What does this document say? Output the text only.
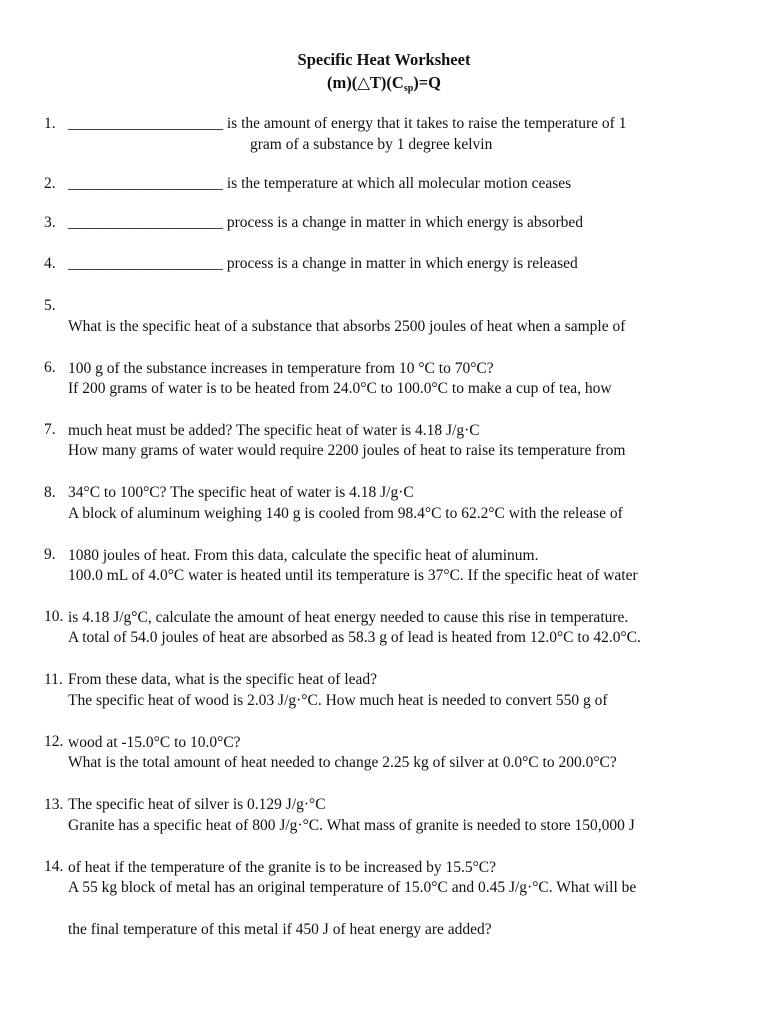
Specific Heat Worksheet
$(m)(\triangle T)(C_{sp})=Q$
1. ____________________ is the amount of energy that it takes to raise the temperature of 1
gram of a substance by 1 degree kelvin
2. ____________________ is the temperature at which all molecular motion ceases
3. ____________________ process is a change in matter in which energy is absorbed
4. ____________________ process is a change in matter in which energy is released
5.

What is the specific heat of a substance that absorbs 2500 joules of heat when a sample of

100 g of the substance increases in temperature from 10 °C to 70°C?

6.

If 200 grams of water is to be heated from 24.0°C to 100.0°C to make a cup of tea, how

much heat must be added? The specific heat of water is 4.18 J/g·C

7.

How many grams of water would require 2200 joules of heat to raise its temperature from

34°C to 100°C? The specific heat of water is 4.18 J/g·C

8.

A block of aluminum weighing 140 g is cooled from 98.4°C to 62.2°C with the release of

1080 joules of heat. From this data, calculate the specific heat of aluminum.

9.

100.0 mL of 4.0°C water is heated until its temperature is 37°C. If the specific heat of water

is 4.18 J/g°C, calculate the amount of heat energy needed to cause this rise in temperature.

10.

A total of 54.0 joules of heat are absorbed as 58.3 g of lead is heated from 12.0°C to 42.0°C.

From these data, what is the specific heat of lead?

11.

The specific heat of wood is 2.03 J/g·°C. How much heat is needed to convert 550 g of

wood at -15.0°C to 10.0°C?

12.

What is the total amount of heat needed to change 2.25 kg of silver at 0.0°C to 200.0°C?

The specific heat of silver is 0.129 J/g·°C

13.

Granite has a specific heat of 800 J/g·°C. What mass of granite is needed to store 150,000 J

of heat if the temperature of the granite is to be increased by 15.5°C?

14.

A 55 kg block of metal has an original temperature of 15.0°C and 0.45 J/g·°C. What will be

the final temperature of this metal if 450 J of heat energy are added?
